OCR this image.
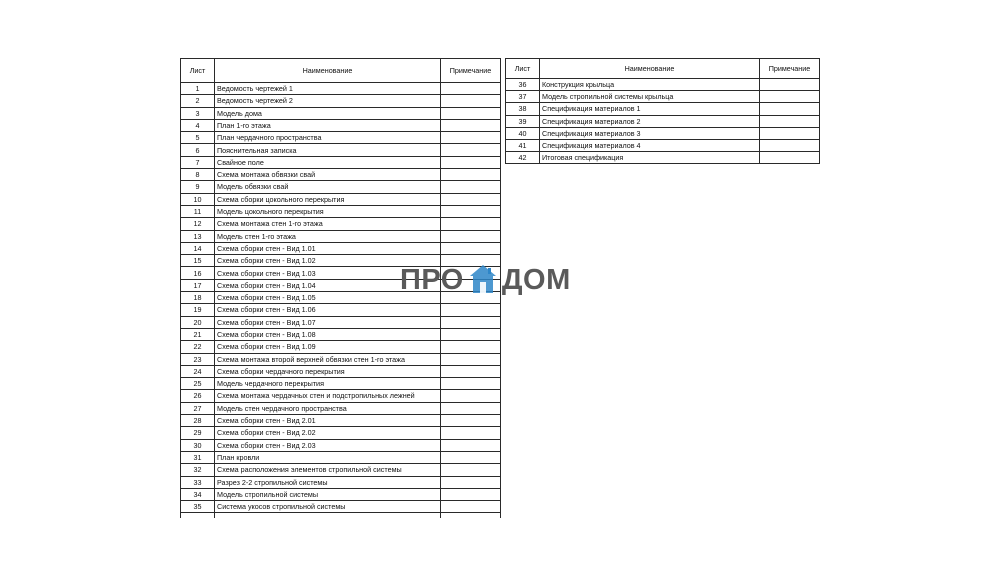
Лист	Наименование	Примечание
1	Ведомость чертежей 1	
2	Ведомость чертежей 2	
3	Модель дома	
4	План 1-го этажа	
5	План чердачного пространства	
6	Пояснительная записка	
7	Свайное поле	
8	Схема монтажа обвязки свай	
9	Модель обвязки свай	
10	Схема сборки цокольного перекрытия	
11	Модель цокольного перекрытия	
12	Схема монтажа стен 1-го этажа	
13	Модель стен 1-го этажа	
14	Схема сборки стен - Вид 1.01	
15	Схема сборки стен - Вид 1.02	
16	Схема сборки стен - Вид 1.03	
17	Схема сборки стен - Вид 1.04	
18	Схема сборки стен - Вид 1.05	
19	Схема сборки стен - Вид 1.06	
20	Схема сборки стен - Вид 1.07	
21	Схема сборки стен - Вид 1.08	
22	Схема сборки стен - Вид 1.09	
23	Схема монтажа второй верхней обвязки стен 1-го этажа	
24	Схема сборки чердачного перекрытия	
25	Модель чердачного перекрытия	
26	Схема монтажа чердачных стен и подстропильных лежней	
27	Модель стен чердачного пространства	
28	Схема сборки стен - Вид 2.01	
29	Схема сборки стен - Вид 2.02	
30	Схема сборки стен - Вид 2.03	
31	План кровли	
32	Схема расположения элементов стропильной системы	
33	Разрез 2-2 стропильной системы	
34	Модель стропильной системы	
35	Система укосов стропильной системы	

Лист	Наименование	Примечание
36	Конструкция крыльца	
37	Модель стропильной системы крыльца	
38	Спецификация материалов 1	
39	Спецификация материалов 2	
40	Спецификация материалов 3	
41	Спецификация материалов 4	
42	Итоговая спецификация	
ПРО ДОМ
